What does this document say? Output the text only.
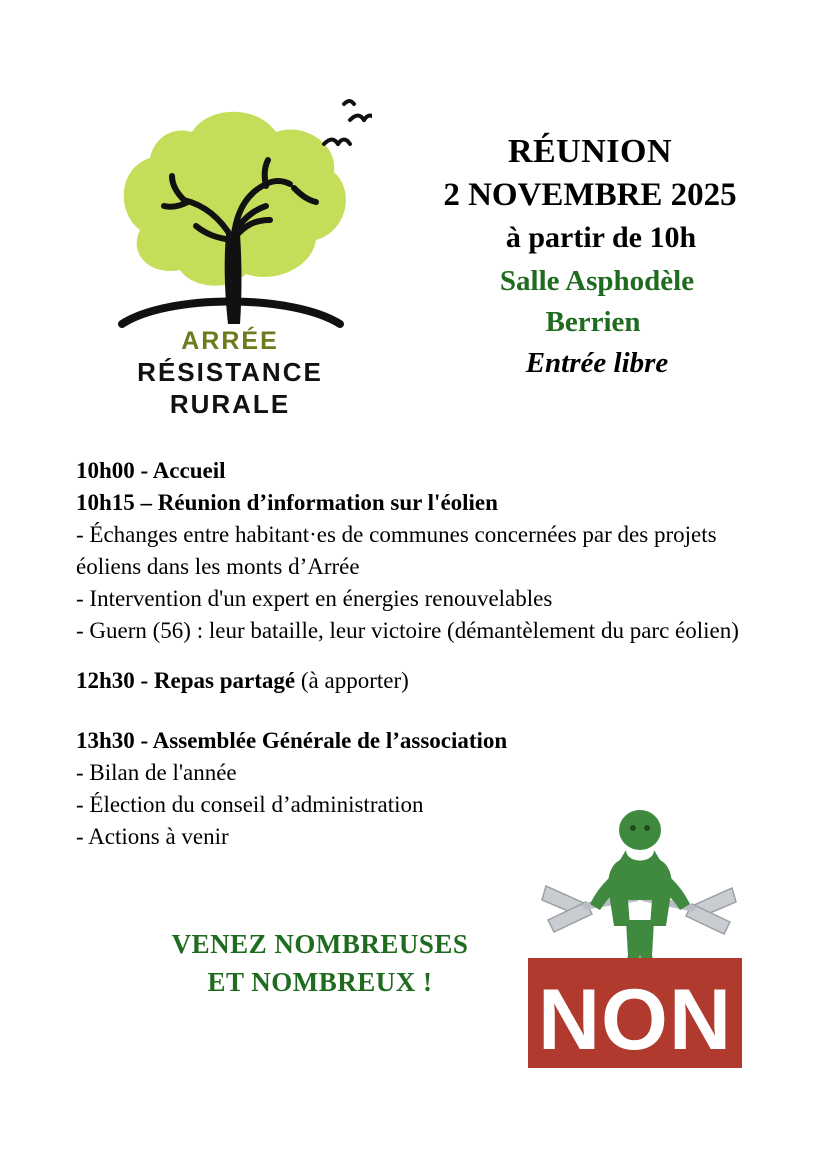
ARRÉE
RÉSISTANCE
RURALE
RÉUNION
2 NOVEMBRE 2025
à partir de 10h
Salle Asphodèle
Berrien
Entrée libre

10h00 - Accueil

10h15 – Réunion d’information sur l'éolien

- Échanges entre habitant·es de communes concernées par des projets éoliens dans les monts d’Arrée

- Intervention d'un expert en énergies renouvelables

- Guern (56) : leur bataille, leur victoire (démantèlement du parc éolien)

12h30 - Repas partagé (à apporter)

13h30 - Assemblée Générale de l’association

- Bilan de l'année

- Élection du conseil d’administration

- Actions à venir

VENEZ NOMBREUSES
ET NOMBREUX !	NON
